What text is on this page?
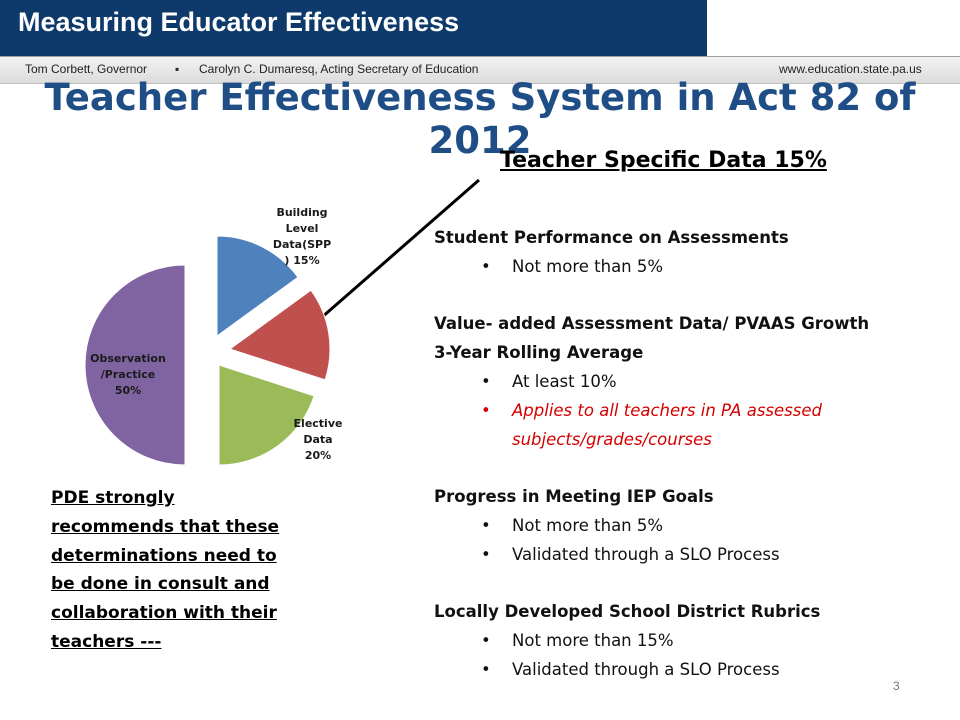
Measuring Educator Effectiveness
Tom Corbett, Governor ▪ Carolyn C. Dumaresq, Acting Secretary of Education	www.education.state.pa.us
Teacher Effectiveness System in Act 82 of 2012
Building Level Data(SPP ) 15%
Elective Data 20%
Observation /Practice 50%
Teacher Specific Data 15%
Student Performance on Assessments
• Not more than 5%
Value- added Assessment Data/ PVAAS Growth
3-Year Rolling Average
• At least 10%
• Applies to all teachers in PA assessed subjects/grades/courses
Progress in Meeting IEP Goals
• Not more than 5%
• Validated through a SLO Process
Locally Developed School District Rubrics
• Not more than 15%
• Validated through a SLO Process
PDE strongly recommends that these determinations need to be done in consult and collaboration with their teachers ---
3
